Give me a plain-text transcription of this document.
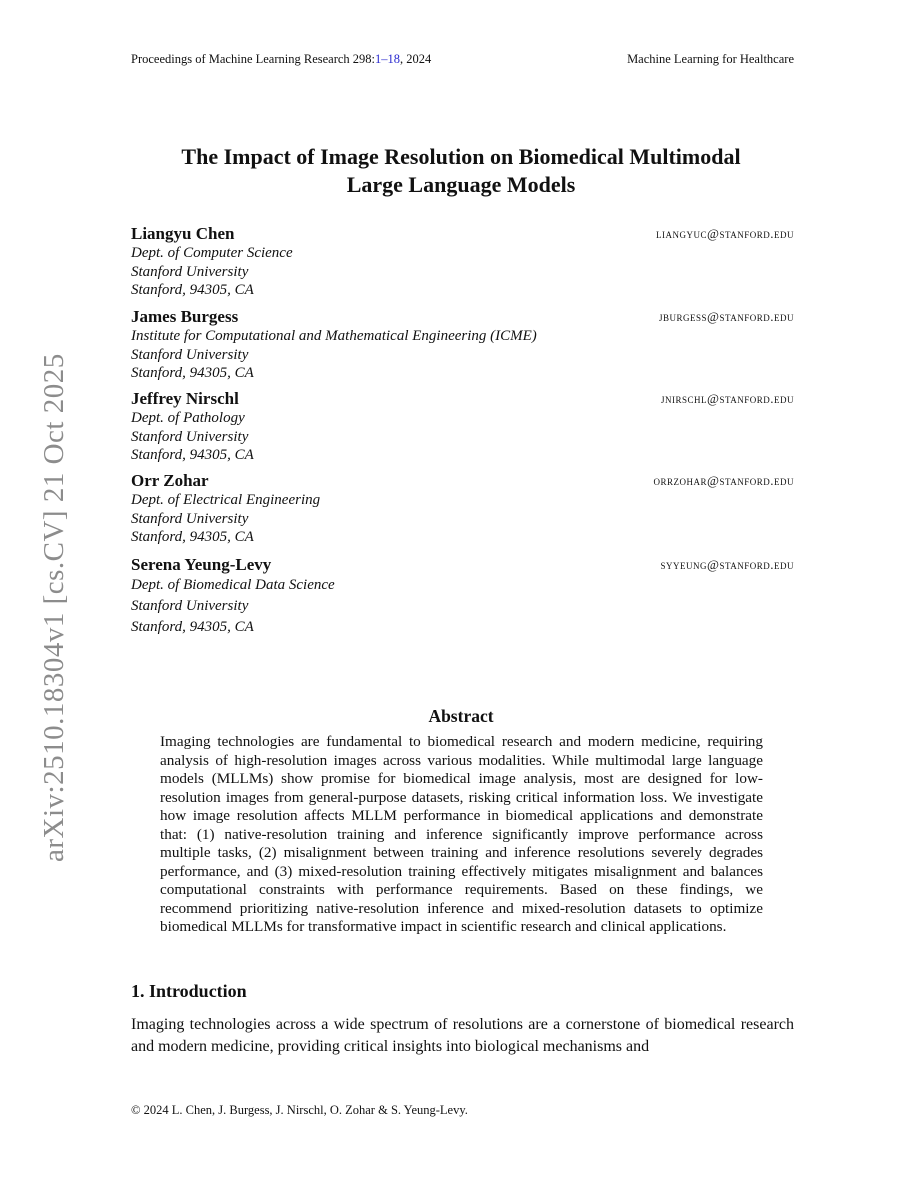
Proceedings of Machine Learning Research 298:1–18, 2024	Machine Learning for Healthcare
The Impact of Image Resolution on Biomedical Multimodal
Large Language Models
Liangyu Chen	liangyuc@stanford.edu
Dept. of Computer Science
Stanford University
Stanford, 94305, CA
James Burgess	jburgess@stanford.edu
Institute for Computational and Mathematical Engineering (ICME)
Stanford University
Stanford, 94305, CA
Jeffrey Nirschl	jnirschl@stanford.edu
Dept. of Pathology
Stanford University
Stanford, 94305, CA
Orr Zohar	orrzohar@stanford.edu
Dept. of Electrical Engineering
Stanford University
Stanford, 94305, CA
Serena Yeung-Levy	syyeung@stanford.edu
Dept. of Biomedical Data Science
Stanford University
Stanford, 94305, CA
Abstract
Imaging technologies are fundamental to biomedical research and modern medicine, requiring analysis of high-resolution images across various modalities. While multimodal large language models (MLLMs) show promise for biomedical image analysis, most are designed for low-resolution images from general-purpose datasets, risking critical information loss. We investigate how image resolution affects MLLM performance in biomedical applications and demonstrate that: (1) native-resolution training and inference significantly improve performance across multiple tasks, (2) misalignment between training and inference resolutions severely degrades performance, and (3) mixed-resolution training effectively mitigates misalignment and balances computational constraints with performance requirements. Based on these findings, we recommend prioritizing native-resolution inference and mixed-resolution datasets to optimize biomedical MLLMs for transformative impact in scientific research and clinical applications.
1. Introduction
Imaging technologies across a wide spectrum of resolutions are a cornerstone of biomedical research and modern medicine, providing critical insights into biological mechanisms and
© 2024 L. Chen, J. Burgess, J. Nirschl, O. Zohar & S. Yeung-Levy.
arXiv:2510.18304v1 [cs.CV] 21 Oct 2025
